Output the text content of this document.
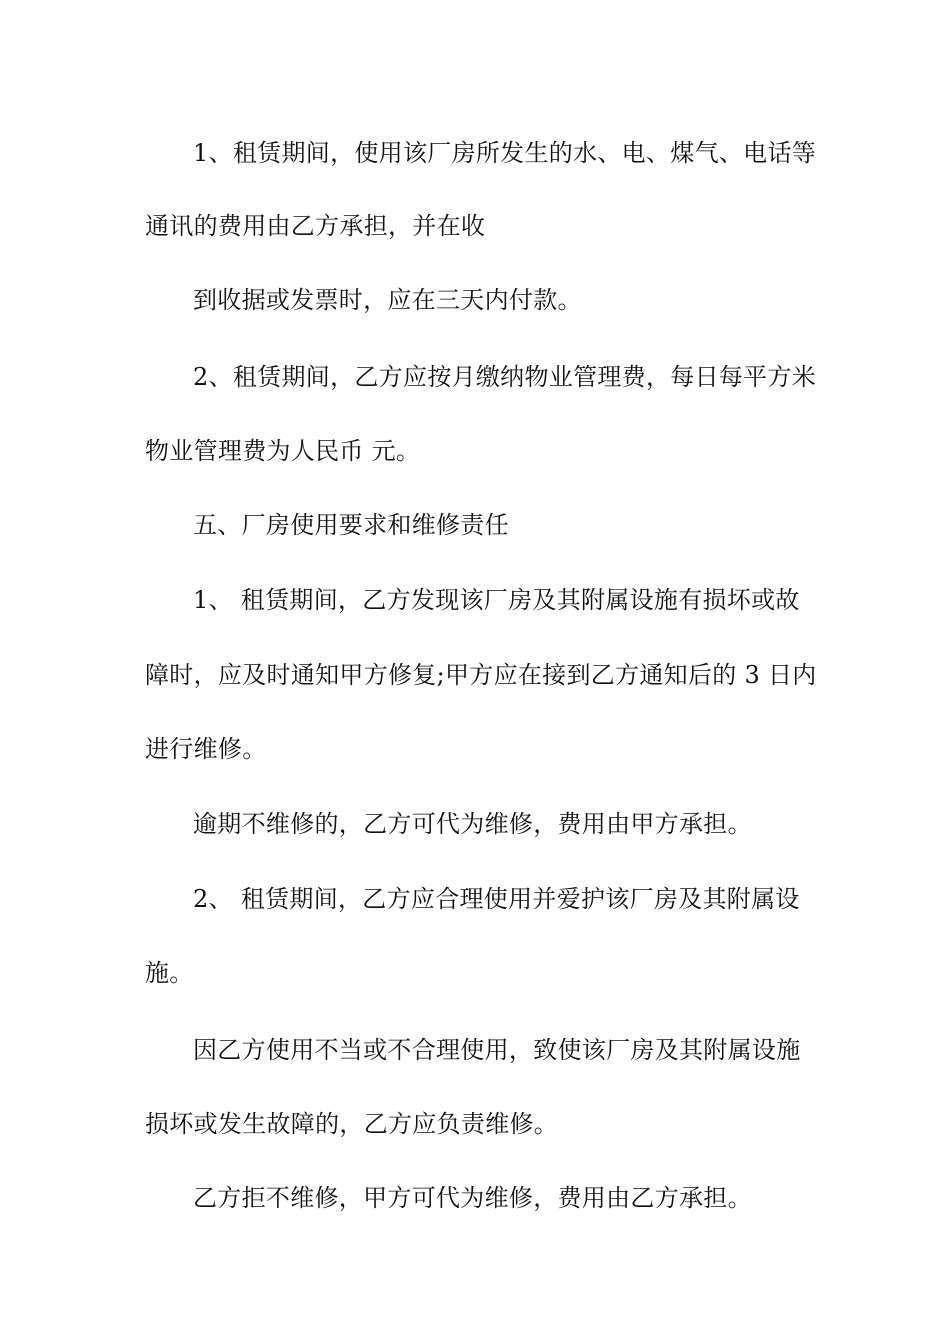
1、租赁期间，使用该厂房所发生的水、电、煤气、电话等
通讯的费用由乙方承担，并在收
到收据或发票时，应在三天内付款。
2、租赁期间，乙方应按月缴纳物业管理费，每日每平方米
物业管理费为人民币 元。
五、厂房使用要求和维修责任
1、 租赁期间，乙方发现该厂房及其附属设施有损坏或故
障时，应及时通知甲方修复;甲方应在接到乙方通知后的 3 日内
进行维修。
逾期不维修的，乙方可代为维修，费用由甲方承担。
2、 租赁期间，乙方应合理使用并爱护该厂房及其附属设
施。
因乙方使用不当或不合理使用，致使该厂房及其附属设施
损坏或发生故障的，乙方应负责维修。
乙方拒不维修，甲方可代为维修，费用由乙方承担。
